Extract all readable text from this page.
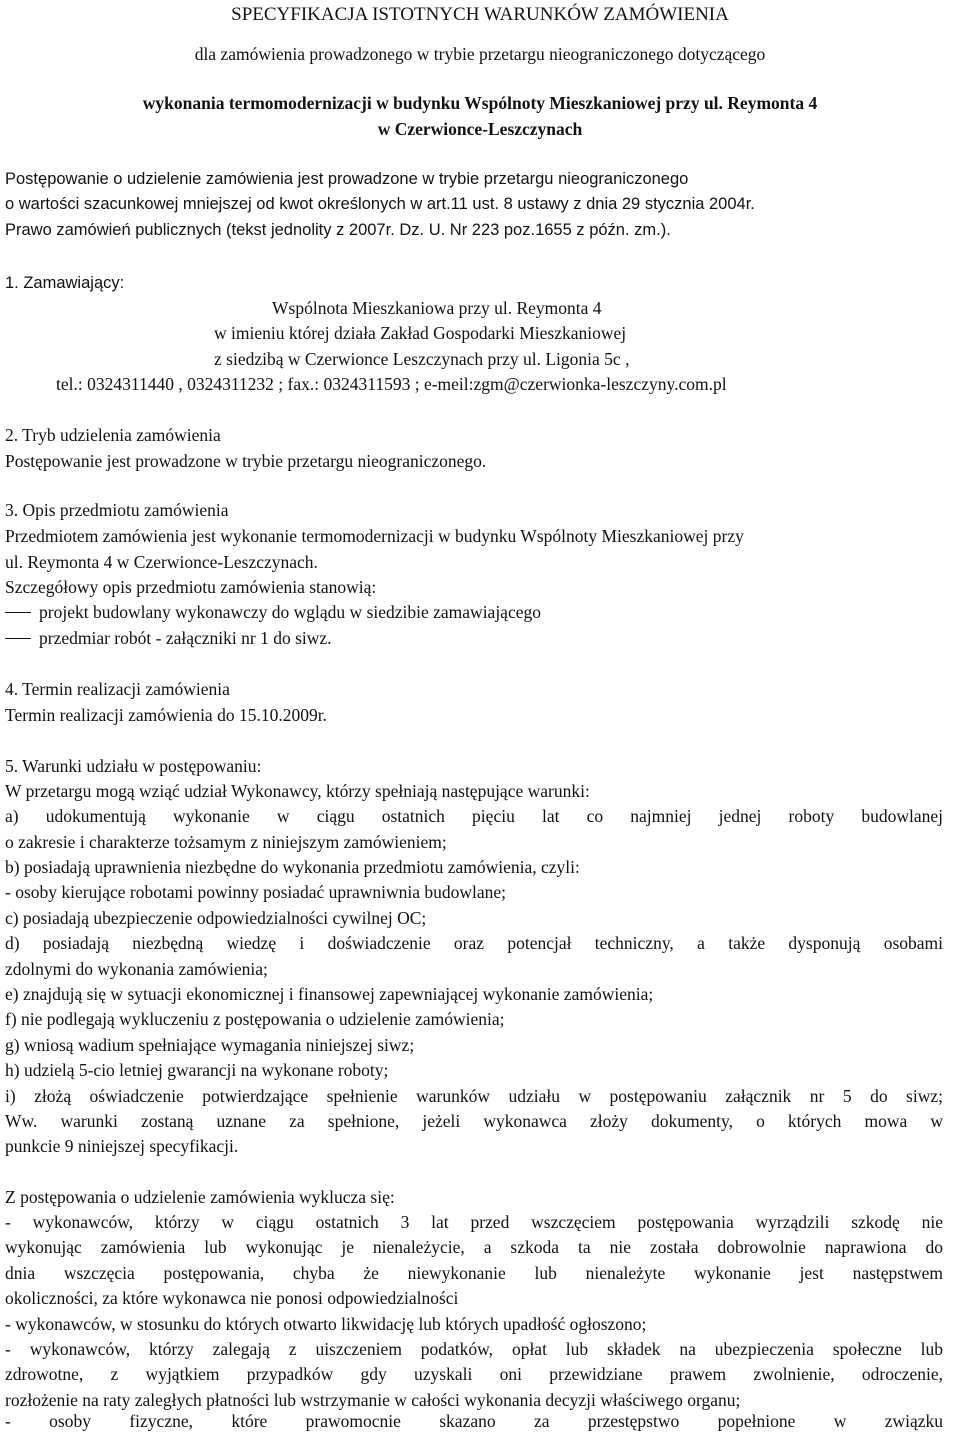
SPECYFIKACJA ISTOTNYCH WARUNKÓW ZAMÓWIENIA
dla zamówienia prowadzonego w trybie przetargu nieograniczonego dotyczącego
wykonania termomodernizacji w budynku Wspólnoty Mieszkaniowej przy ul. Reymonta 4
w Czerwionce-Leszczynach
Postępowanie o udzielenie zamówienia jest prowadzone w trybie przetargu nieograniczonego
o wartości szacunkowej mniejszej od kwot określonych w art.11 ust. 8 ustawy z dnia 29 stycznia 2004r.
Prawo zamówień publicznych (tekst jednolity z 2007r. Dz. U. Nr 223 poz.1655 z późn. zm.).
1. Zamawiający:
Wspólnota Mieszkaniowa przy ul. Reymonta 4
w imieniu której działa Zakład Gospodarki Mieszkaniowej
z siedzibą w Czerwionce Leszczynach przy ul. Ligonia 5c ,
tel.: 0324311440 , 0324311232 ; fax.: 0324311593 ; e-meil:zgm@czerwionka-leszczyny.com.pl
2. Tryb udzielenia zamówienia
Postępowanie jest prowadzone w trybie przetargu nieograniczonego.
3. Opis przedmiotu zamówienia
Przedmiotem zamówienia jest wykonanie termomodernizacji w budynku Wspólnoty Mieszkaniowej przy
ul. Reymonta 4 w Czerwionce-Leszczynach.
Szczegółowy opis przedmiotu zamówienia stanowią:
projekt budowlany wykonawczy do wglądu w siedzibie zamawiającego
przedmiar robót - załączniki nr 1 do siwz.
4. Termin realizacji zamówienia
Termin realizacji zamówienia do 15.10.2009r.
5. Warunki udziału w postępowaniu:
W przetargu mogą wziąć udział Wykonawcy, którzy spełniają następujące warunki:
a) udokumentują wykonanie w ciągu ostatnich pięciu lat co najmniej jednej roboty budowlanej
o zakresie i charakterze tożsamym z niniejszym zamówieniem;
b) posiadają uprawnienia niezbędne do wykonania przedmiotu zamówienia, czyli:
- osoby kierujące robotami powinny posiadać uprawniwnia budowlane;
c) posiadają ubezpieczenie odpowiedzialności cywilnej OC;
d) posiadają niezbędną wiedzę i doświadczenie oraz potencjał techniczny, a także dysponują osobami
zdolnymi do wykonania zamówienia;
e) znajdują się w sytuacji ekonomicznej i finansowej zapewniającej wykonanie zamówienia;
f) nie podlegają wykluczeniu z postępowania o udzielenie zamówienia;
g) wniosą wadium spełniające wymagania niniejszej siwz;
h) udzielą 5-cio letniej gwarancji na wykonane roboty;
i) złożą oświadczenie potwierdzające spełnienie warunków udziału w postępowaniu załącznik nr 5 do siwz;
Ww. warunki zostaną uznane za spełnione, jeżeli wykonawca złoży dokumenty, o których mowa w
punkcie 9 niniejszej specyfikacji.
Z postępowania o udzielenie zamówienia wyklucza się:
- wykonawców, którzy w ciągu ostatnich 3 lat przed wszczęciem postępowania wyrządzili szkodę nie
wykonując zamówienia lub wykonując je nienależycie, a szkoda ta nie została dobrowolnie naprawiona do
dnia wszczęcia postępowania, chyba że niewykonanie lub nienależyte wykonanie jest następstwem
okoliczności, za które wykonawca nie ponosi odpowiedzialności
- wykonawców, w stosunku do których otwarto likwidację lub których upadłość ogłoszono;
- wykonawców, którzy zalegają z uiszczeniem podatków, opłat lub składek na ubezpieczenia społeczne lub
zdrowotne, z wyjątkiem przypadków gdy uzyskali oni przewidziane prawem zwolnienie, odroczenie,
rozłożenie na raty zaległych płatności lub wstrzymanie w całości wykonania decyzji właściwego organu;
- osoby fizyczne, które prawomocnie skazano za przestępstwo popełnione w związku
